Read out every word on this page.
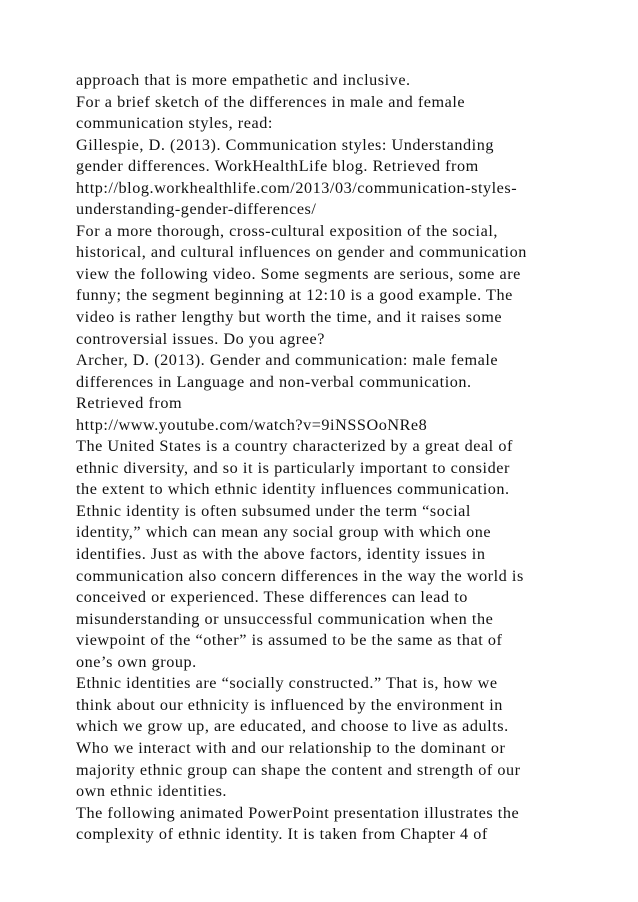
approach that is more empathetic and inclusive.
For a brief sketch of the differences in male and female
communication styles, read:
Gillespie, D. (2013). Communication styles: Understanding
gender differences. WorkHealthLife blog. Retrieved from
http://blog.workhealthlife.com/2013/03/communication-styles-
understanding-gender-differences/
For a more thorough, cross-cultural exposition of the social,
historical, and cultural influences on gender and communication
view the following video. Some segments are serious, some are
funny; the segment beginning at 12:10 is a good example. The
video is rather lengthy but worth the time, and it raises some
controversial issues. Do you agree?
Archer, D. (2013). Gender and communication: male female
differences in Language and non-verbal communication.
Retrieved from
http://www.youtube.com/watch?v=9iNSSOoNRe8
The United States is a country characterized by a great deal of
ethnic diversity, and so it is particularly important to consider
the extent to which ethnic identity influences communication.
Ethnic identity is often subsumed under the term “social
identity,” which can mean any social group with which one
identifies. Just as with the above factors, identity issues in
communication also concern differences in the way the world is
conceived or experienced. These differences can lead to
misunderstanding or unsuccessful communication when the
viewpoint of the “other” is assumed to be the same as that of
one’s own group.
Ethnic identities are “socially constructed.” That is, how we
think about our ethnicity is influenced by the environment in
which we grow up, are educated, and choose to live as adults.
Who we interact with and our relationship to the dominant or
majority ethnic group can shape the content and strength of our
own ethnic identities.
The following animated PowerPoint presentation illustrates the
complexity of ethnic identity. It is taken from Chapter 4 of
